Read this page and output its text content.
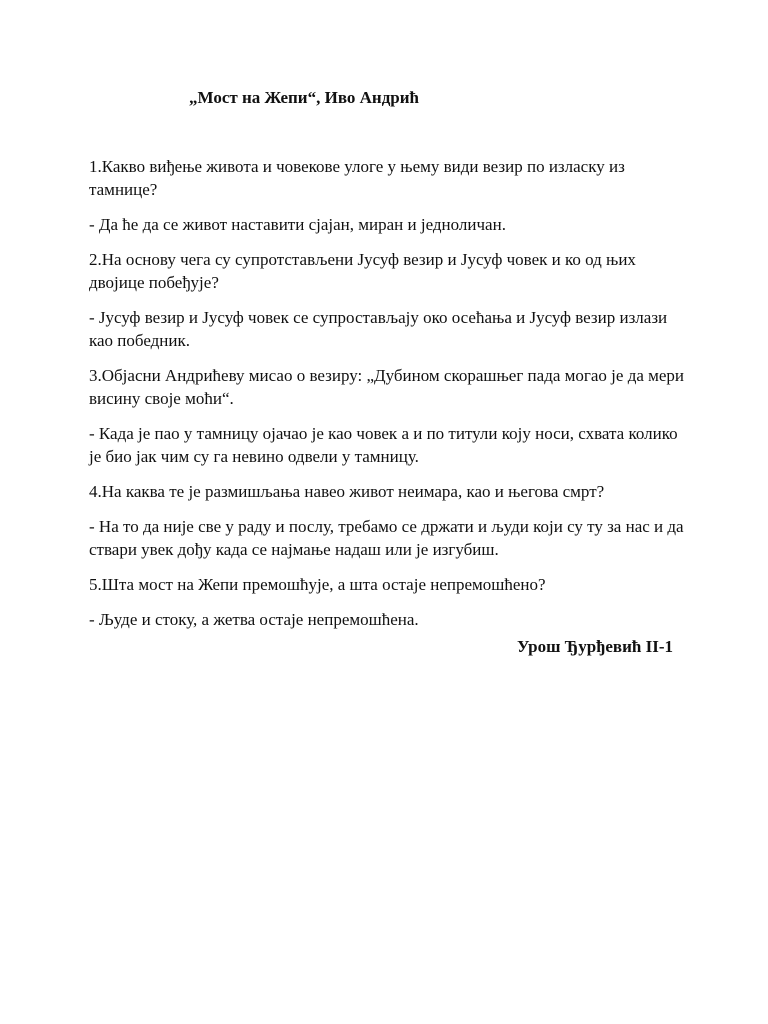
„Мост на Жепи“, Иво Андрић

1.Какво виђење живота и човекове улоге у њему види везир по изласку из тамнице?

- Да ће да се живот наставити сјајан, миран и једноличан.

2.На основу чега су супротстављени Јусуф везир и Јусуф човек и ко од њих двојице побеђује?

- Јусуф везир и Јусуф човек се супростављају око осећања и Јусуф везир излази као победник.

3.Објасни Андрићеву мисао о везиру: „Дубином скорашњег пада могао је да мери висину своје моћи“.

- Када је пао у тамницу ојачао је као човек а и по титули коју носи, схвата колико је био јак чим су га невино одвели у тамницу.

4.На каква те је размишљања навео живот неимара, као и његова смрт?

- На то да није све у раду и послу, требамо се држати и људи који су ту за нас и да ствари увек дођу када се најмање надаш или је изгубиш.

5.Шта мост на Жепи премошћује, а шта остаје непремошћено?

- Људе и стоку, а жетва остаје непремошћена.

Урош Ђурђевић II-1
